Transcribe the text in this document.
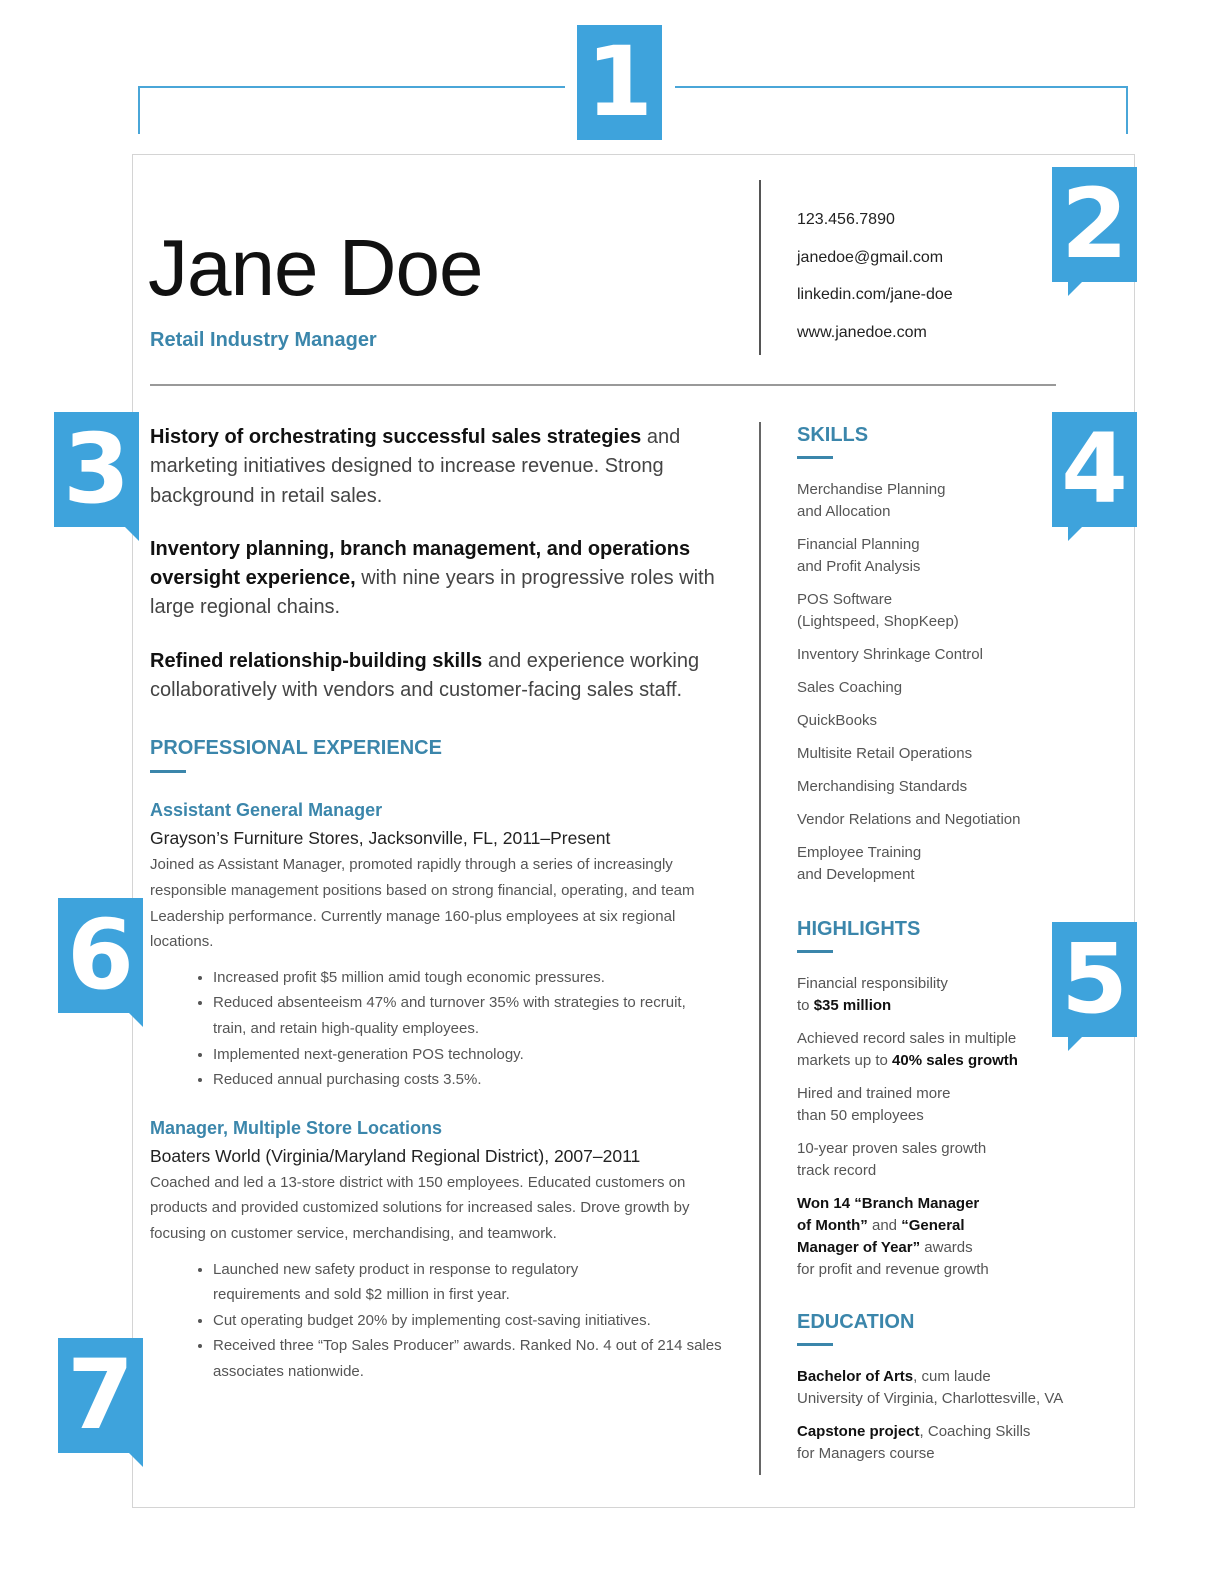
1
2
3	4
5
6
7
Jane Doe
Retail Industry Manager
123.456.7890
janedoe@gmail.com
linkedin.com/jane-doe
www.janedoe.com

History of orchestrating successful sales strategies and marketing initiatives designed to increase revenue. Strong background in retail sales.

Inventory planning, branch management, and operations oversight experience, with nine years in progressive roles with large regional chains.

Refined relationship-building skills and experience working collaboratively with vendors and customer-facing sales staff.

PROFESSIONAL EXPERIENCE
Assistant General Manager
Grayson’s Furniture Stores, Jacksonville, FL, 2011–Present
Joined as Assistant Manager, promoted rapidly through a series of increasingly responsible management positions based on strong financial, operating, and team Leadership performance. Currently manage 160-plus employees at six regional locations.
• Increased profit $5 million amid tough economic pressures.
• Reduced absenteeism 47% and turnover 35% with strategies to recruit, train, and retain high-quality employees.
• Implemented next-generation POS technology.
• Reduced annual purchasing costs 3.5%.
Manager, Multiple Store Locations
Boaters World (Virginia/Maryland Regional District), 2007–2011
Coached and led a 13-store district with 150 employees. Educated customers on products and provided customized solutions for increased sales. Drove growth by focusing on customer service, merchandising, and teamwork.
• Launched new safety product in response to regulatory requirements and sold $2 million in first year.
• Cut operating budget 20% by implementing cost-saving initiatives.
• Received three “Top Sales Producer” awards. Ranked No. 4 out of 214 sales associates nationwide.
SKILLS
Merchandise Planning
and Allocation
Financial Planning
and Profit Analysis
POS Software
(Lightspeed, ShopKeep)
Inventory Shrinkage Control
Sales Coaching
QuickBooks
Multisite Retail Operations
Merchandising Standards
Vendor Relations and Negotiation
Employee Training
and Development
HIGHLIGHTS
Financial responsibility
to $35 million
Achieved record sales in multiple
markets up to 40% sales growth
Hired and trained more
than 50 employees
10-year proven sales growth
track record
Won 14 “Branch Manager
of Month” and “General
Manager of Year” awards
for profit and revenue growth
EDUCATION
Bachelor of Arts, cum laude
University of Virginia, Charlottesville, VA
Capstone project, Coaching Skills
for Managers course
